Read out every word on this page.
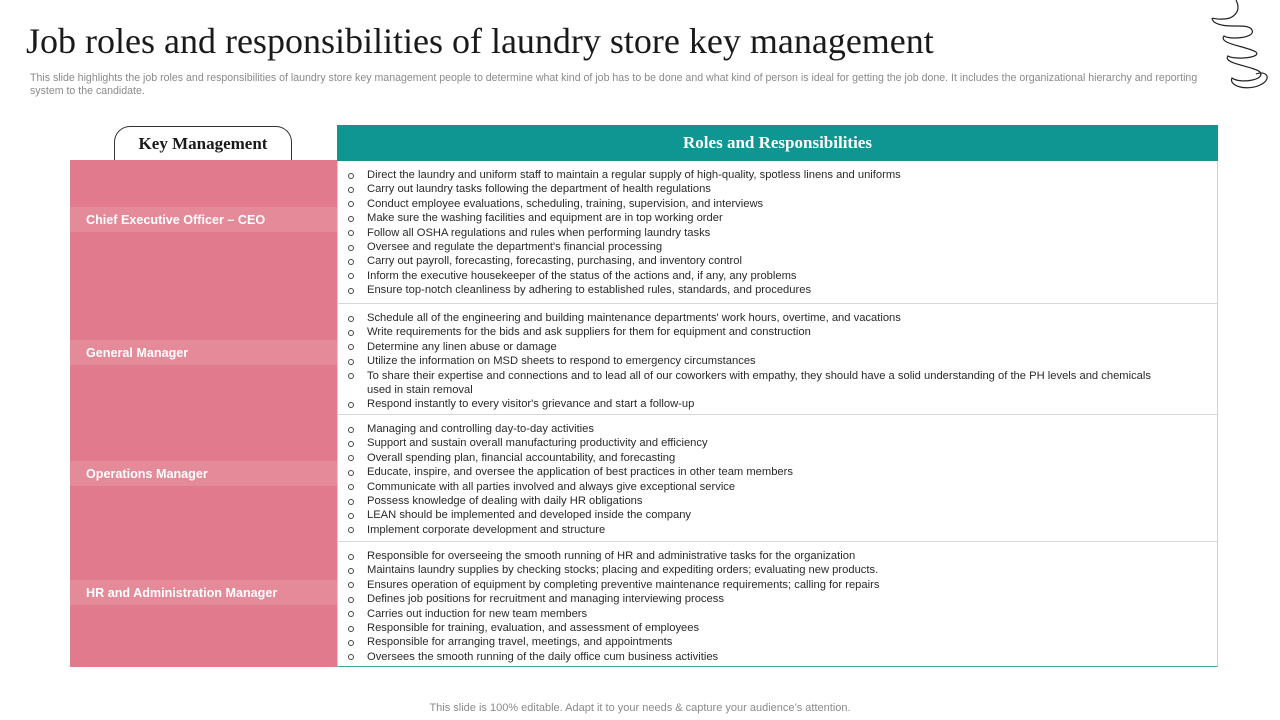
Job roles and responsibilities of laundry store key management
This slide highlights the job roles and responsibilities of laundry store key management people to determine what kind of job has to be done and what kind of person is ideal for getting the job done. It includes the organizational hierarchy and reporting system to the candidate.
Key Management
Chief Executive Officer – CEO
General Manager
Operations Manager
HR and Administration Manager
Roles and Responsibilities
Direct the laundry and uniform staff to maintain a regular supply of high-quality, spotless linens and uniforms
Carry out laundry tasks following the department of health regulations
Conduct employee evaluations, scheduling, training, supervision, and interviews
Make sure the washing facilities and equipment are in top working order
Follow all OSHA regulations and rules when performing laundry tasks
Oversee and regulate the department's financial processing
Carry out payroll, forecasting, forecasting, purchasing, and inventory control
Inform the executive housekeeper of the status of the actions and, if any, any problems
Ensure top-notch cleanliness by adhering to established rules, standards, and procedures
Schedule all of the engineering and building maintenance departments' work hours, overtime, and vacations
Write requirements for the bids and ask suppliers for them for equipment and construction
Determine any linen abuse or damage
Utilize the information on MSD sheets to respond to emergency circumstances
To share their expertise and connections and to lead all of our coworkers with empathy, they should have a solid understanding of the PH levels and chemicals used in stain removal
Respond instantly to every visitor's grievance and start a follow-up
Managing and controlling day-to-day activities
Support and sustain overall manufacturing productivity and efficiency
Overall spending plan, financial accountability, and forecasting
Educate, inspire, and oversee the application of best practices in other team members
Communicate with all parties involved and always give exceptional service
Possess knowledge of dealing with daily HR obligations
LEAN should be implemented and developed inside the company
Implement corporate development and structure
Responsible for overseeing the smooth running of HR and administrative tasks for the organization
Maintains laundry supplies by checking stocks; placing and expediting orders; evaluating new products.
Ensures operation of equipment by completing preventive maintenance requirements; calling for repairs
Defines job positions for recruitment and managing interviewing process
Carries out induction for new team members
Responsible for training, evaluation, and assessment of employees
Responsible for arranging travel, meetings, and appointments
Oversees the smooth running of the daily office cum business activities
This slide is 100% editable. Adapt it to your needs & capture your audience’s attention.
